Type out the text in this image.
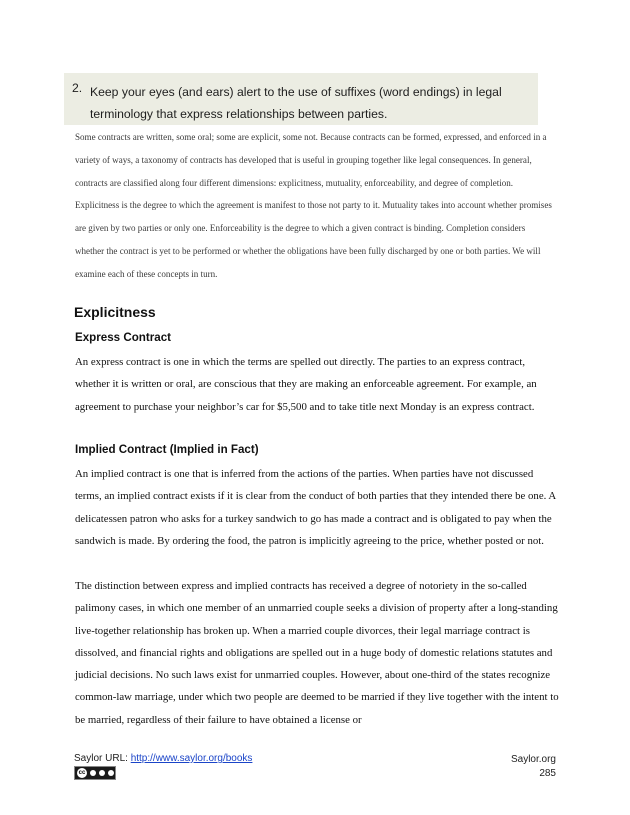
2. Keep your eyes (and ears) alert to the use of suffixes (word endings) in legal terminology that express relationships between parties.

Some contracts are written, some oral; some are explicit, some not. Because contracts can be formed, expressed, and enforced in a variety of ways, a taxonomy of contracts has developed that is useful in grouping together like legal consequences. In general, contracts are classified along four different dimensions: explicitness, mutuality, enforceability, and degree of completion. Explicitness is the degree to which the agreement is manifest to those not party to it. Mutuality takes into account whether promises are given by two parties or only one. Enforceability is the degree to which a given contract is binding. Completion considers whether the contract is yet to be performed or whether the obligations have been fully discharged by one or both parties. We will examine each of these concepts in turn.

Explicitness
Express Contract

An express contract is one in which the terms are spelled out directly. The parties to an express contract, whether it is written or oral, are conscious that they are making an enforceable agreement. For example, an agreement to purchase your neighbor’s car for $5,500 and to take title next Monday is an express contract.

Implied Contract (Implied in Fact)

An implied contract is one that is inferred from the actions of the parties. When parties have not discussed terms, an implied contract exists if it is clear from the conduct of both parties that they intended there be one. A delicatessen patron who asks for a turkey sandwich to go has made a contract and is obligated to pay when the sandwich is made. By ordering the food, the patron is implicitly agreeing to the price, whether posted or not.

The distinction between express and implied contracts has received a degree of notoriety in the so-called palimony cases, in which one member of an unmarried couple seeks a division of property after a long-standing live-together relationship has broken up. When a married couple divorces, their legal marriage contract is dissolved, and financial rights and obligations are spelled out in a huge body of domestic relations statutes and judicial decisions. No such laws exist for unmarried couples. However, about one-third of the states recognize common-law marriage, under which two people are deemed to be married if they live together with the intent to be married, regardless of their failure to have obtained a license or

Saylor URL: http://www.saylor.org/books
cc
Saylor.org
285
